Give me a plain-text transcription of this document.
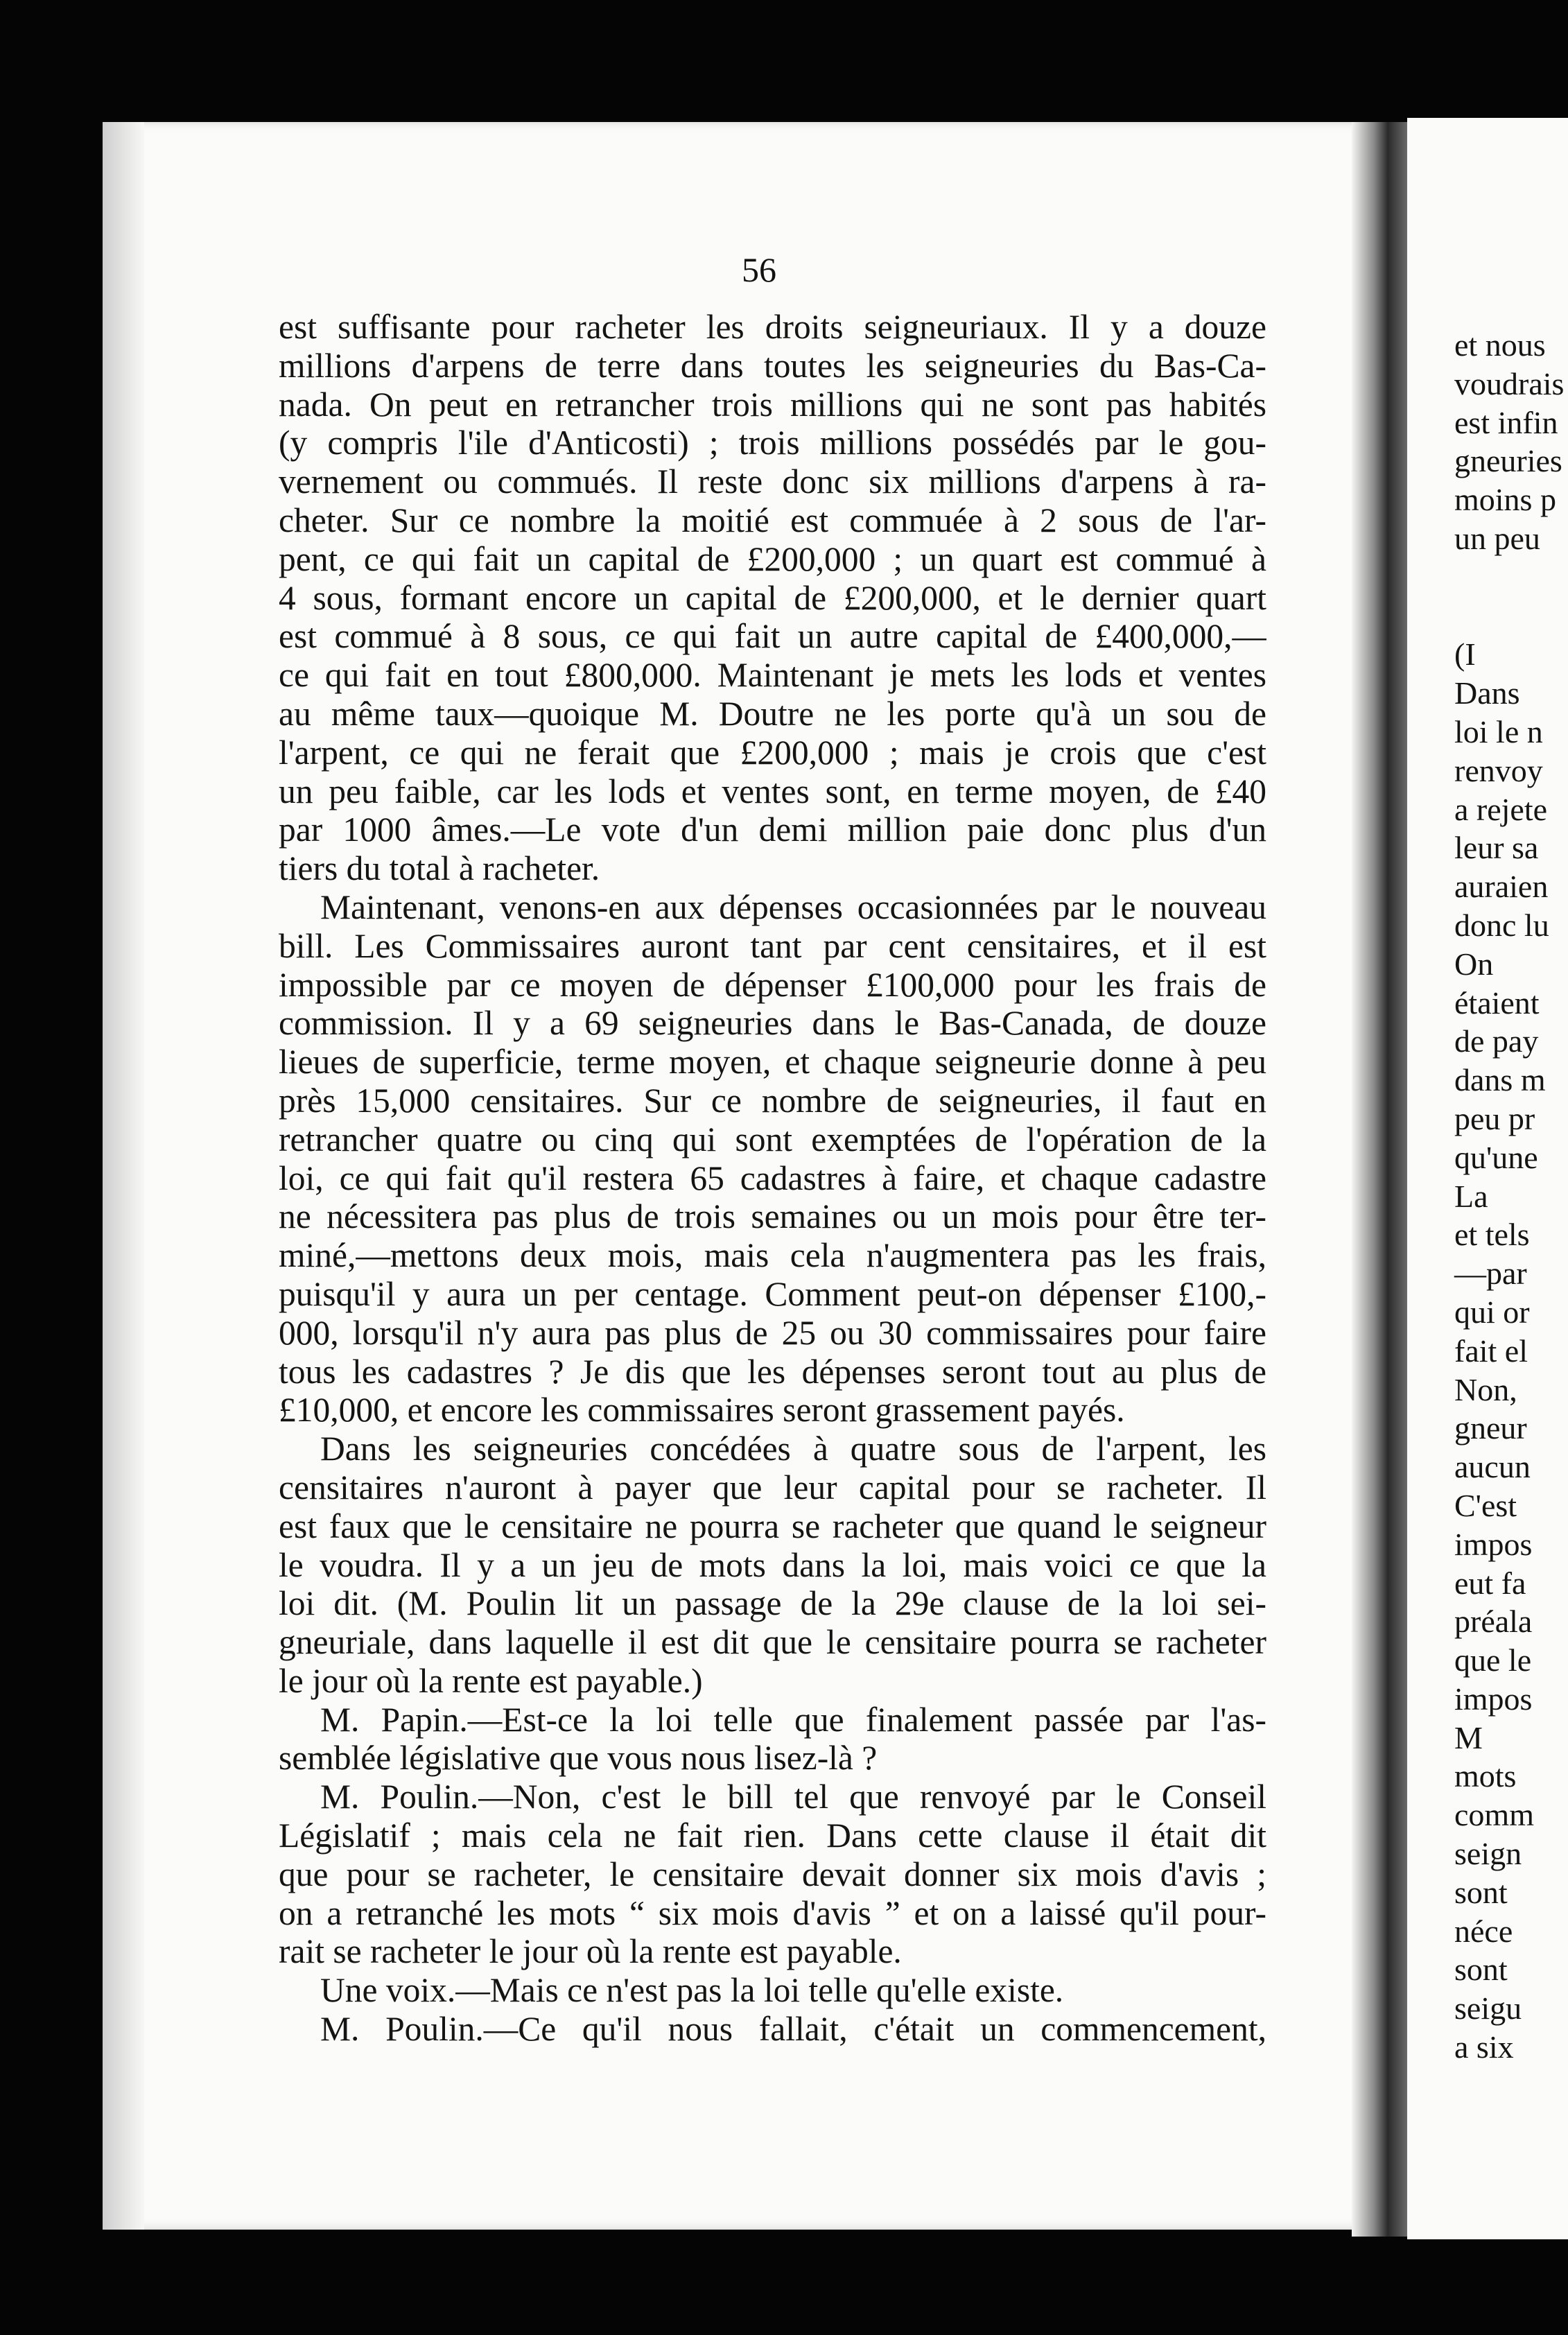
56
est suffisante pour racheter les droits seigneuriaux. Il y a douze
millions d'arpens de terre dans toutes les seigneuries du Bas-Ca-
nada. On peut en retrancher trois millions qui ne sont pas habités
(y compris l'ile d'Anticosti) ; trois millions possédés par le gou-
vernement ou commués. Il reste donc six millions d'arpens à ra-
cheter. Sur ce nombre la moitié est commuée à 2 sous de l'ar-
pent, ce qui fait un capital de £200,000 ; un quart est commué à
4 sous, formant encore un capital de £200,000, et le dernier quart
est commué à 8 sous, ce qui fait un autre capital de £400,000,—
ce qui fait en tout £800,000. Maintenant je mets les lods et ventes
au même taux—quoique M. Doutre ne les porte qu'à un sou de
l'arpent, ce qui ne ferait que £200,000 ; mais je crois que c'est
un peu faible, car les lods et ventes sont, en terme moyen, de £40
par 1000 âmes.—Le vote d'un demi million paie donc plus d'un
tiers du total à racheter.
Maintenant, venons-en aux dépenses occasionnées par le nouveau
bill. Les Commissaires auront tant par cent censitaires, et il est
impossible par ce moyen de dépenser £100,000 pour les frais de
commission. Il y a 69 seigneuries dans le Bas-Canada, de douze
lieues de superficie, terme moyen, et chaque seigneurie donne à peu
près 15,000 censitaires. Sur ce nombre de seigneuries, il faut en
retrancher quatre ou cinq qui sont exemptées de l'opération de la
loi, ce qui fait qu'il restera 65 cadastres à faire, et chaque cadastre
ne nécessitera pas plus de trois semaines ou un mois pour être ter-
miné,—mettons deux mois, mais cela n'augmentera pas les frais,
puisqu'il y aura un per centage. Comment peut-on dépenser £100,-
000, lorsqu'il n'y aura pas plus de 25 ou 30 commissaires pour faire
tous les cadastres ? Je dis que les dépenses seront tout au plus de
£10,000, et encore les commissaires seront grassement payés.
Dans les seigneuries concédées à quatre sous de l'arpent, les
censitaires n'auront à payer que leur capital pour se racheter. Il
est faux que le censitaire ne pourra se racheter que quand le seigneur
le voudra. Il y a un jeu de mots dans la loi, mais voici ce que la
loi dit. (M. Poulin lit un passage de la 29e clause de la loi sei-
gneuriale, dans laquelle il est dit que le censitaire pourra se racheter
le jour où la rente est payable.)
M. Papin.—Est-ce la loi telle que finalement passée par l'as-
semblée législative que vous nous lisez-là ?
M. Poulin.—Non, c'est le bill tel que renvoyé par le Conseil
Législatif ; mais cela ne fait rien. Dans cette clause il était dit
que pour se racheter, le censitaire devait donner six mois d'avis ;
on a retranché les mots “ six mois d'avis ” et on a laissé qu'il pour-
rait se racheter le jour où la rente est payable.
Une voix.—Mais ce n'est pas la loi telle qu'elle existe.
M. Poulin.—Ce qu'il nous fallait, c'était un commencement,
et nous
voudrais
est infin
gneuries
moins p
un peu
(I
Dans
loi le n
renvoy
a rejete
leur sa
auraien
donc lu
On
étaient
de pay
dans m
peu pr
qu'une
La
et tels
—par
qui or
fait el
Non,
gneur
aucun
C'est
impos
eut fa
préala
que le
impos
M
mots
comm
seign
sont
néce
sont
seigu
a six
